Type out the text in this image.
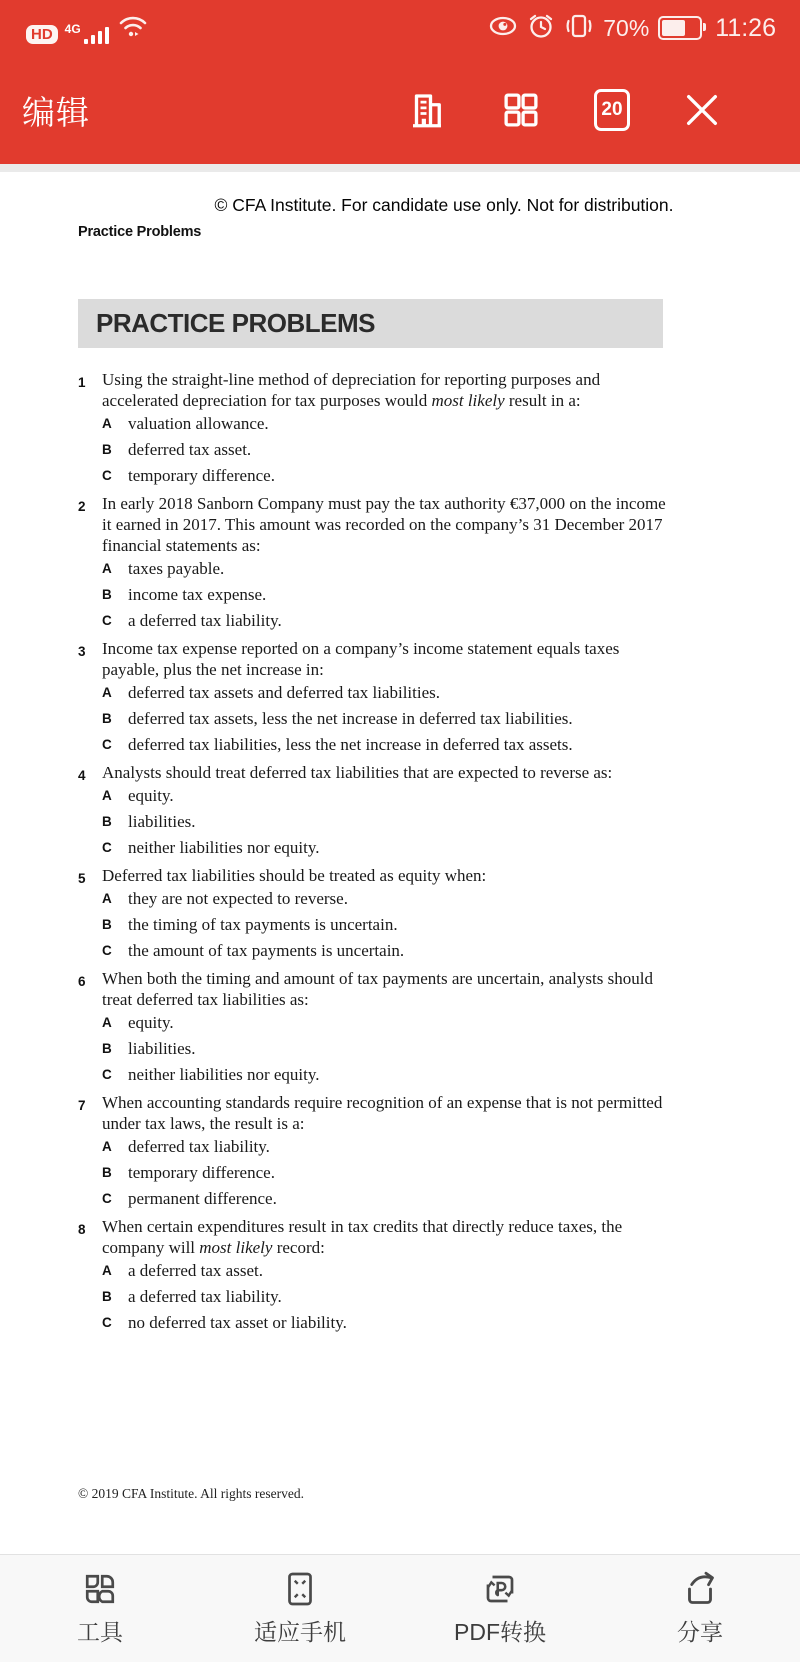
HD	4G	70%	11:26
编辑	20
© CFA Institute. For candidate use only. Not for distribution.
Practice Problems
PRACTICE PROBLEMS
1 Using the straight-line method of depreciation for reporting purposes and accelerated depreciation for tax purposes would most likely result in a:
A valuation allowance.
B deferred tax asset.
C temporary difference.
2 In early 2018 Sanborn Company must pay the tax authority €37,000 on the income it earned in 2017. This amount was recorded on the company’s 31 December 2017 financial statements as:
A taxes payable.
B income tax expense.
C a deferred tax liability.
3 Income tax expense reported on a company’s income statement equals taxes payable, plus the net increase in:
A deferred tax assets and deferred tax liabilities.
B deferred tax assets, less the net increase in deferred tax liabilities.
C deferred tax liabilities, less the net increase in deferred tax assets.
4 Analysts should treat deferred tax liabilities that are expected to reverse as:
A equity.
B liabilities.
C neither liabilities nor equity.
5 Deferred tax liabilities should be treated as equity when:
A they are not expected to reverse.
B the timing of tax payments is uncertain.
C the amount of tax payments is uncertain.
6 When both the timing and amount of tax payments are uncertain, analysts should treat deferred tax liabilities as:
A equity.
B liabilities.
C neither liabilities nor equity.
7 When accounting standards require recognition of an expense that is not permitted under tax laws, the result is a:
A deferred tax liability.
B temporary difference.
C permanent difference.
8 When certain expenditures result in tax credits that directly reduce taxes, the company will most likely record:
A a deferred tax asset.
B a deferred tax liability.
C no deferred tax asset or liability.
© 2019 CFA Institute. All rights reserved.
工具	适应手机	PDF转换	分享
